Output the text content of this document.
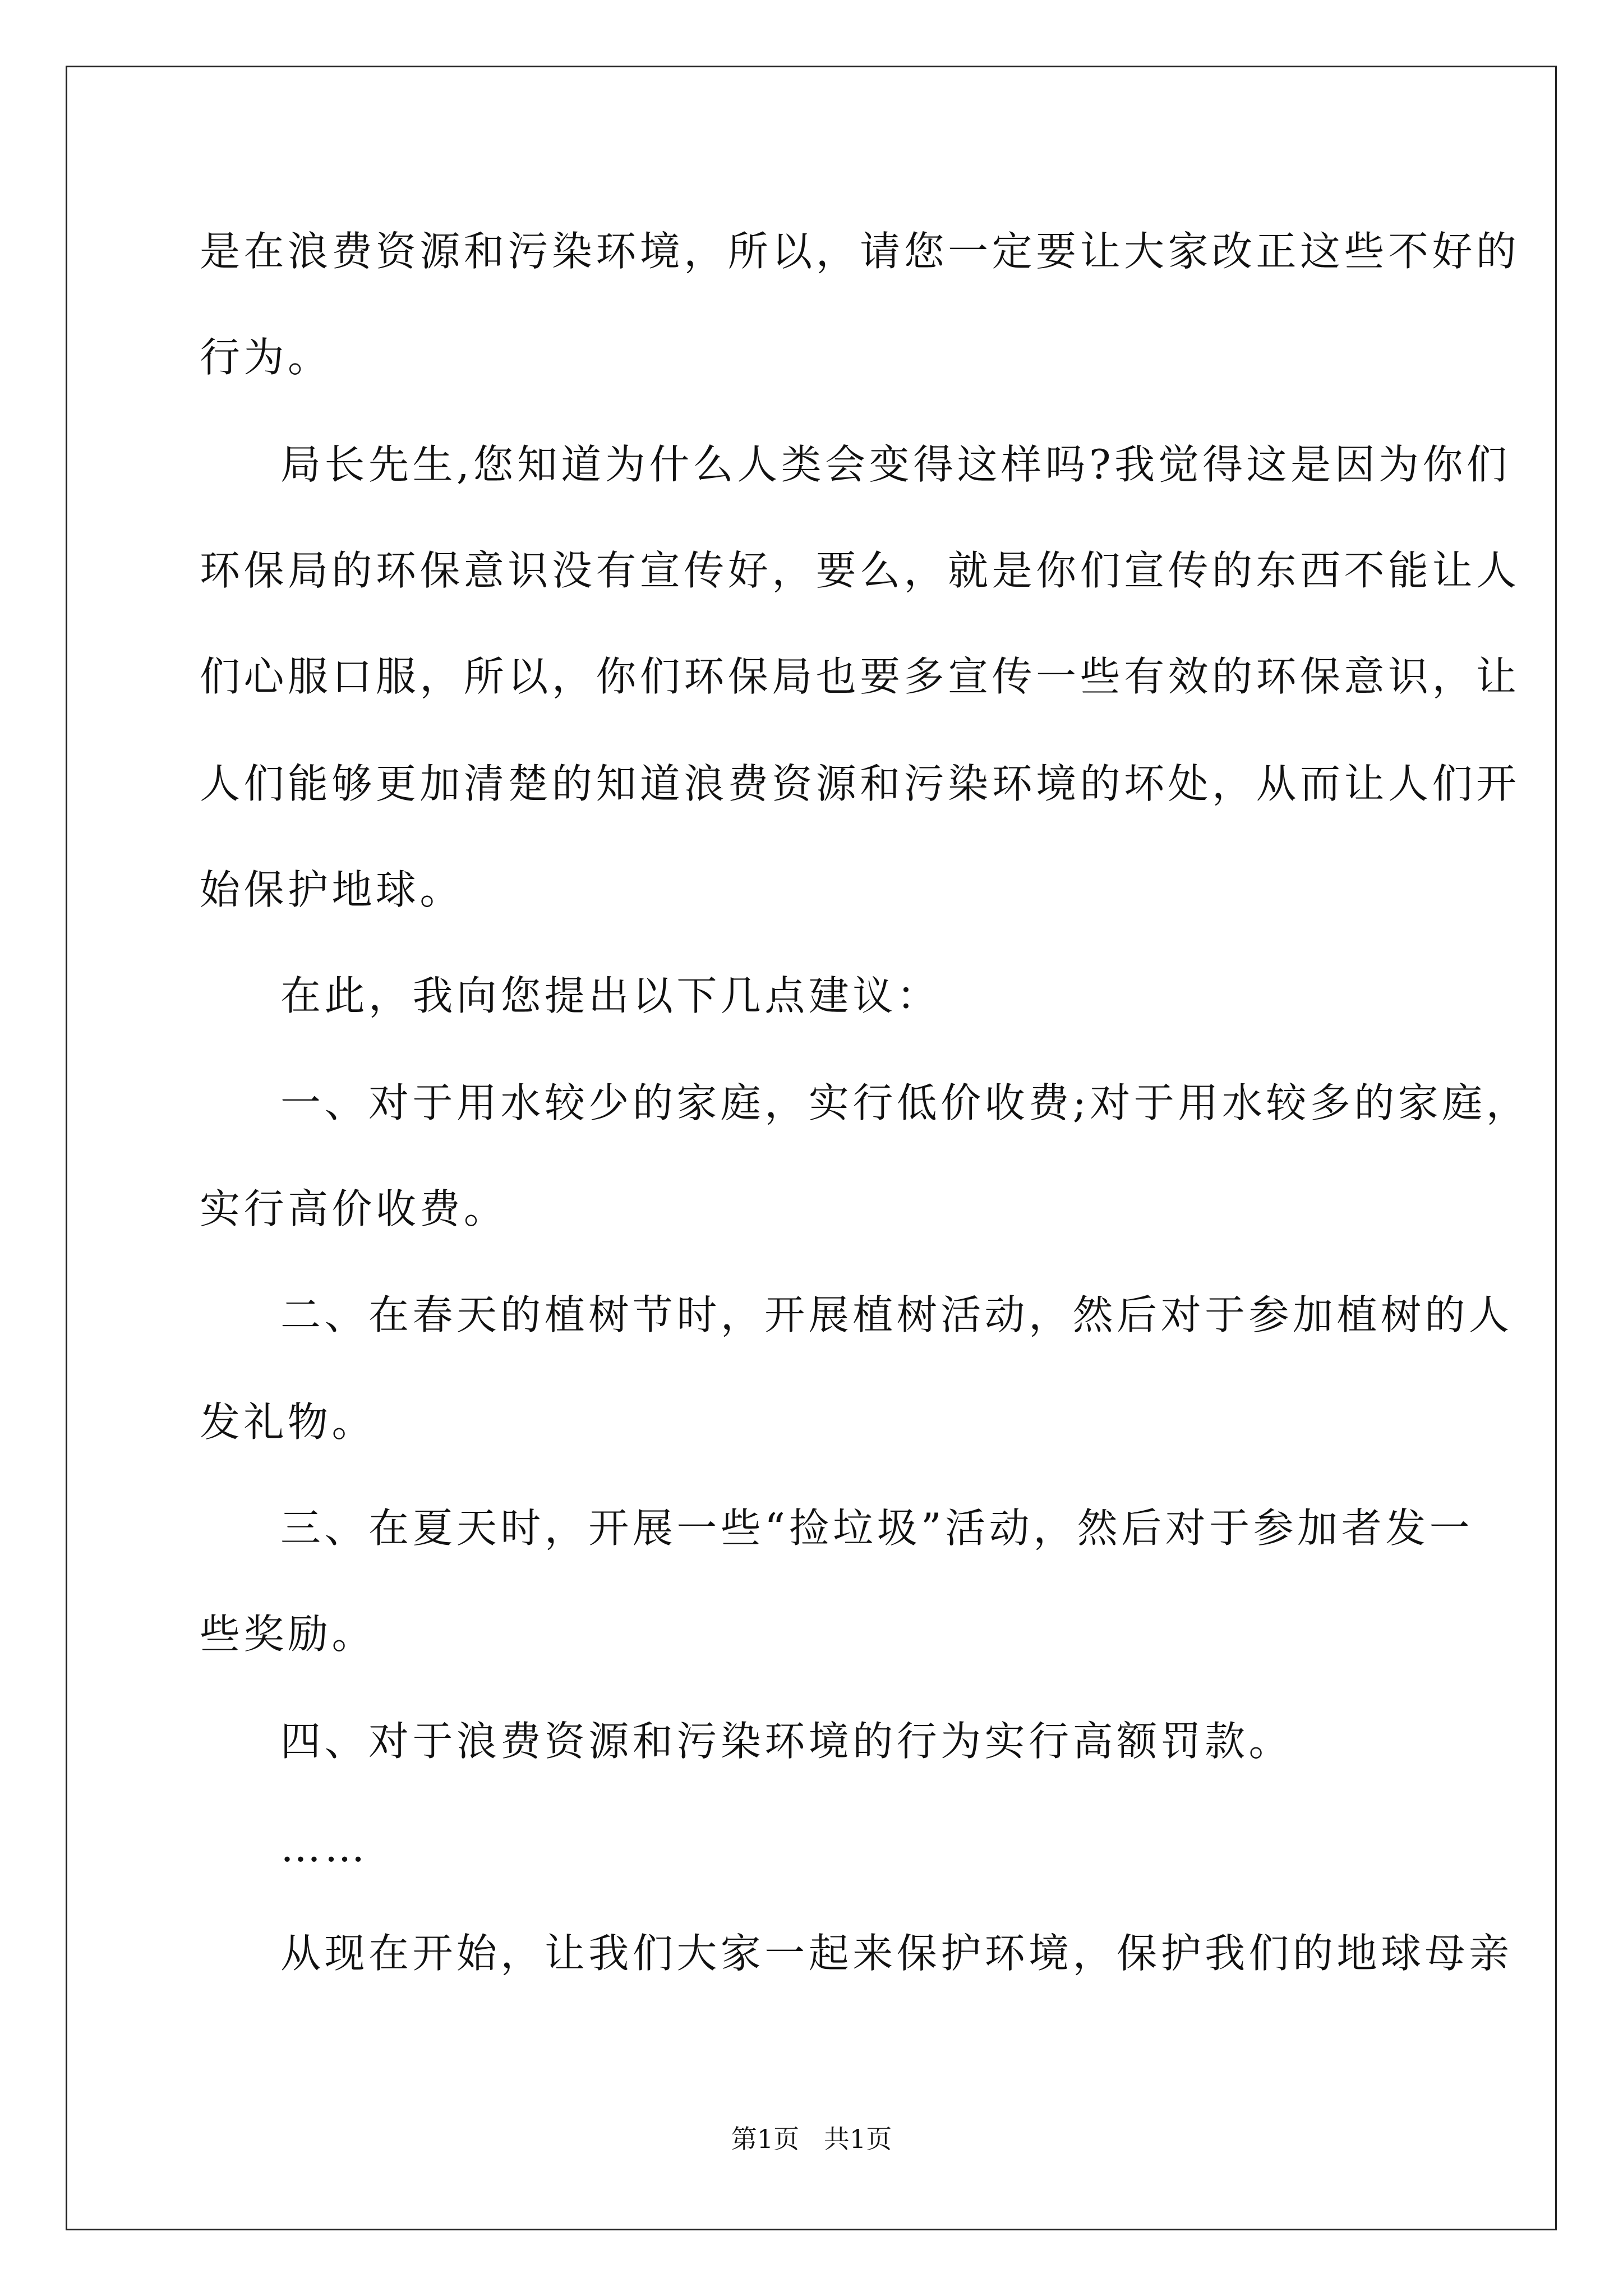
是在浪费资源和污染环境，所以，请您一定要让大家改正这些不好的
行为。
局长先生,您知道为什么人类会变得这样吗?我觉得这是因为你们
环保局的环保意识没有宣传好，要么，就是你们宣传的东西不能让人
们心服口服，所以，你们环保局也要多宣传一些有效的环保意识，让
人们能够更加清楚的知道浪费资源和污染环境的坏处，从而让人们开
始保护地球。
在此，我向您提出以下几点建议：
一、对于用水较少的家庭，实行低价收费;对于用水较多的家庭，
实行高价收费。
二、在春天的植树节时，开展植树活动，然后对于参加植树的人
发礼物。
三、在夏天时，开展一些“捡垃圾”活动，然后对于参加者发一
些奖励。
四、对于浪费资源和污染环境的行为实行高额罚款。
……
从现在开始，让我们大家一起来保护环境，保护我们的地球母亲
第1页   共1页
